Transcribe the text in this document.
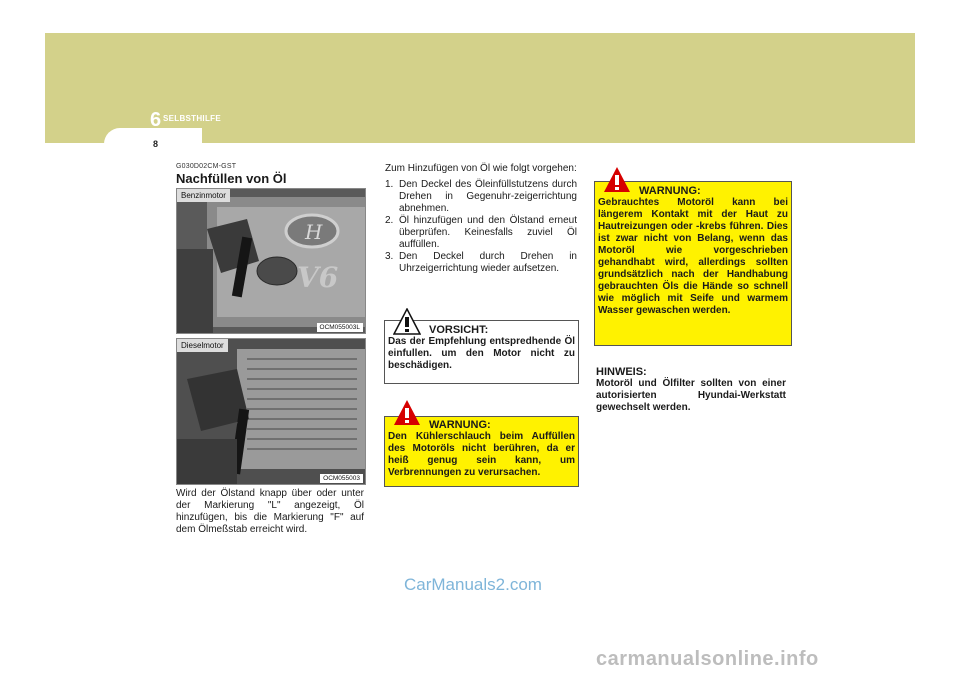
6 SELBSTHILFE
8
G030D02CM-GST
Nachfüllen von Öl
H
V6
Benzinmotor
OCM055003L
Dieselmotor
OCM055003
Wird der Ölstand knapp über oder unter der Markierung "L" angezeigt, Öl hinzufügen, bis die Markierung "F" auf dem Ölmeßstab erreicht wird.
Zum Hinzufügen von Öl wie folgt vorgehen:
1. Den Deckel des Öleinfüllstutzens durch Drehen in Gegenuhr-zeigerrichtung abnehmen.
2. Öl hinzufügen und den Ölstand erneut überprüfen. Keinesfalls zuviel Öl auffüllen.
3. Den Deckel durch Drehen in Uhrzeigerrichtung wieder aufsetzen.
VORSICHT:
Das der Empfehlung entspredhende Öl einfullen. um den Motor nicht zu beschädigen.
WARNUNG:
Den Kühlerschlauch beim Auffüllen des Motoröls nicht berühren, da er heiß genug sein kann, um Verbrennungen zu verursachen.
WARNUNG:
Gebrauchtes Motoröl kann bei längerem Kontakt mit der Haut zu Hautreizungen oder -krebs führen. Dies ist zwar nicht von Belang, wenn das Motoröl wie vorgeschrieben gehandhabt wird, allerdings sollten grundsätzlich nach der Handhabung gebrauchten Öls die Hände so schnell wie möglich mit Seife und warmem Wasser gewaschen werden.
HINWEIS:
Motoröl und Ölfilter sollten von einer autorisierten Hyundai-Werkstatt gewechselt werden.
CarManuals2.com
carmanualsonline.info
